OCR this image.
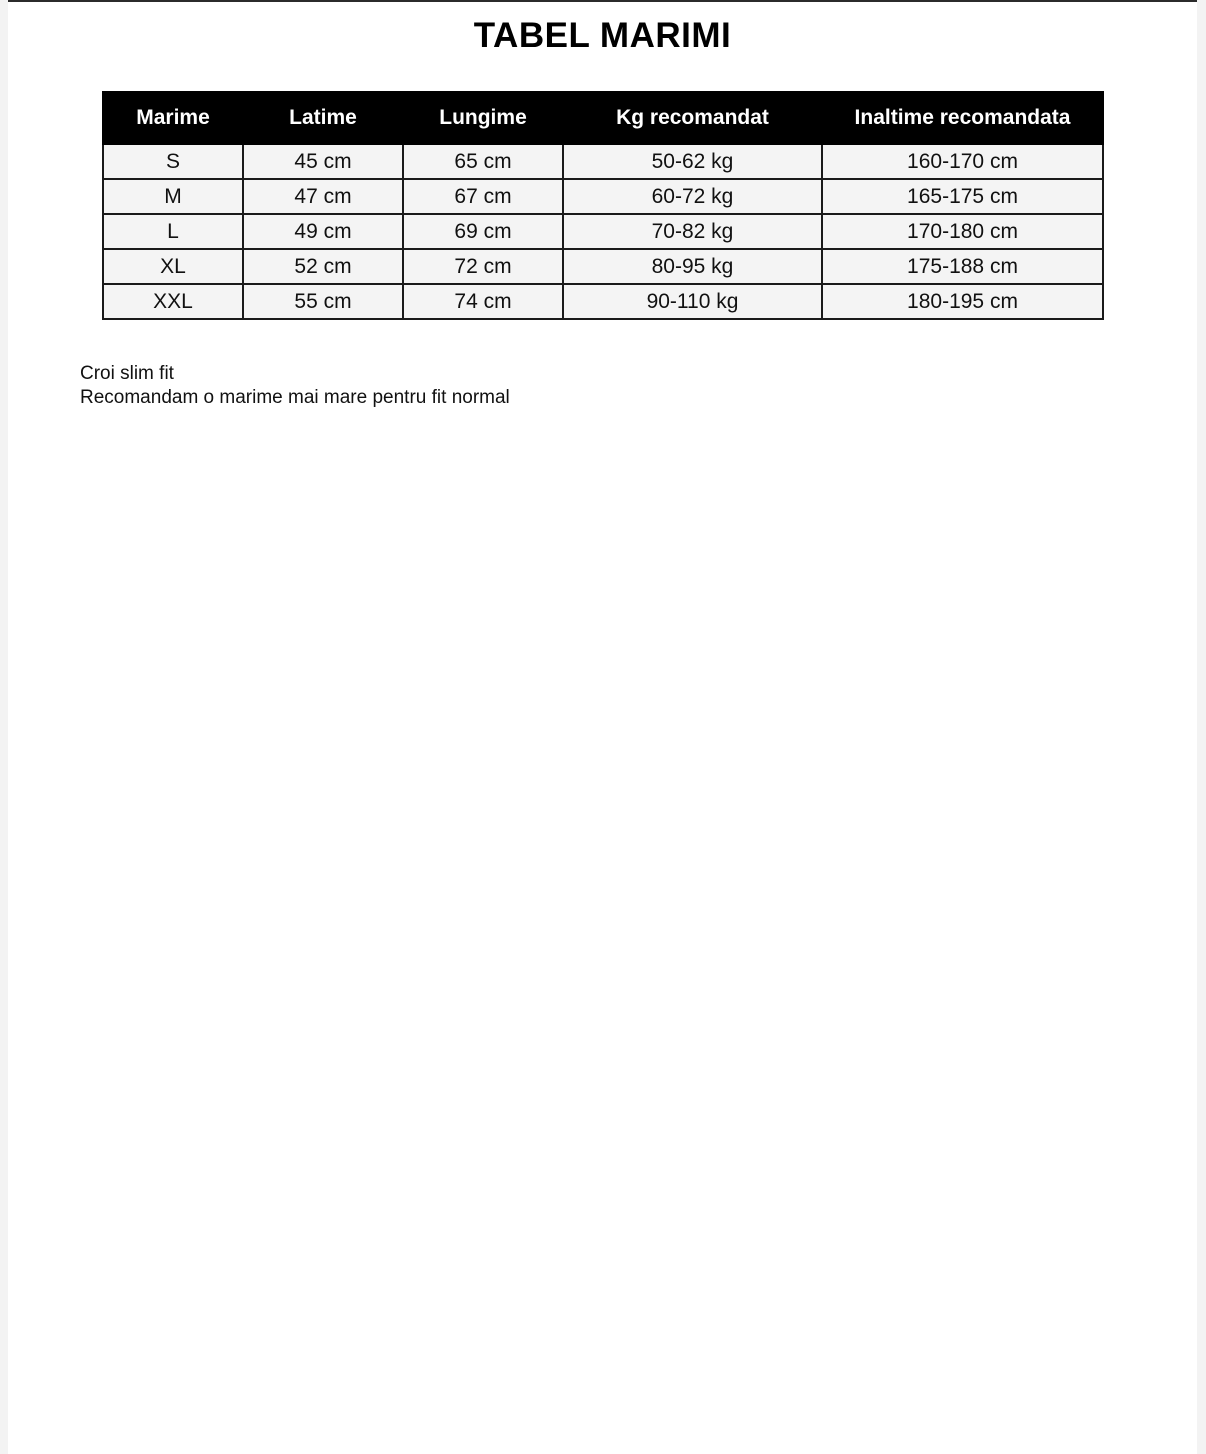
TABEL MARIMI
Marime	Latime	Lungime	Kg recomandat	Inaltime recomandata
S	45 cm	65 cm	50-62 kg	160-170 cm
M	47 cm	67 cm	60-72 kg	165-175 cm
L	49 cm	69 cm	70-82 kg	170-180 cm
XL	52 cm	72 cm	80-95 kg	175-188 cm
XXL	55 cm	74 cm	90-110 kg	180-195 cm
Croi slim fit
Recomandam o marime mai mare pentru fit normal
